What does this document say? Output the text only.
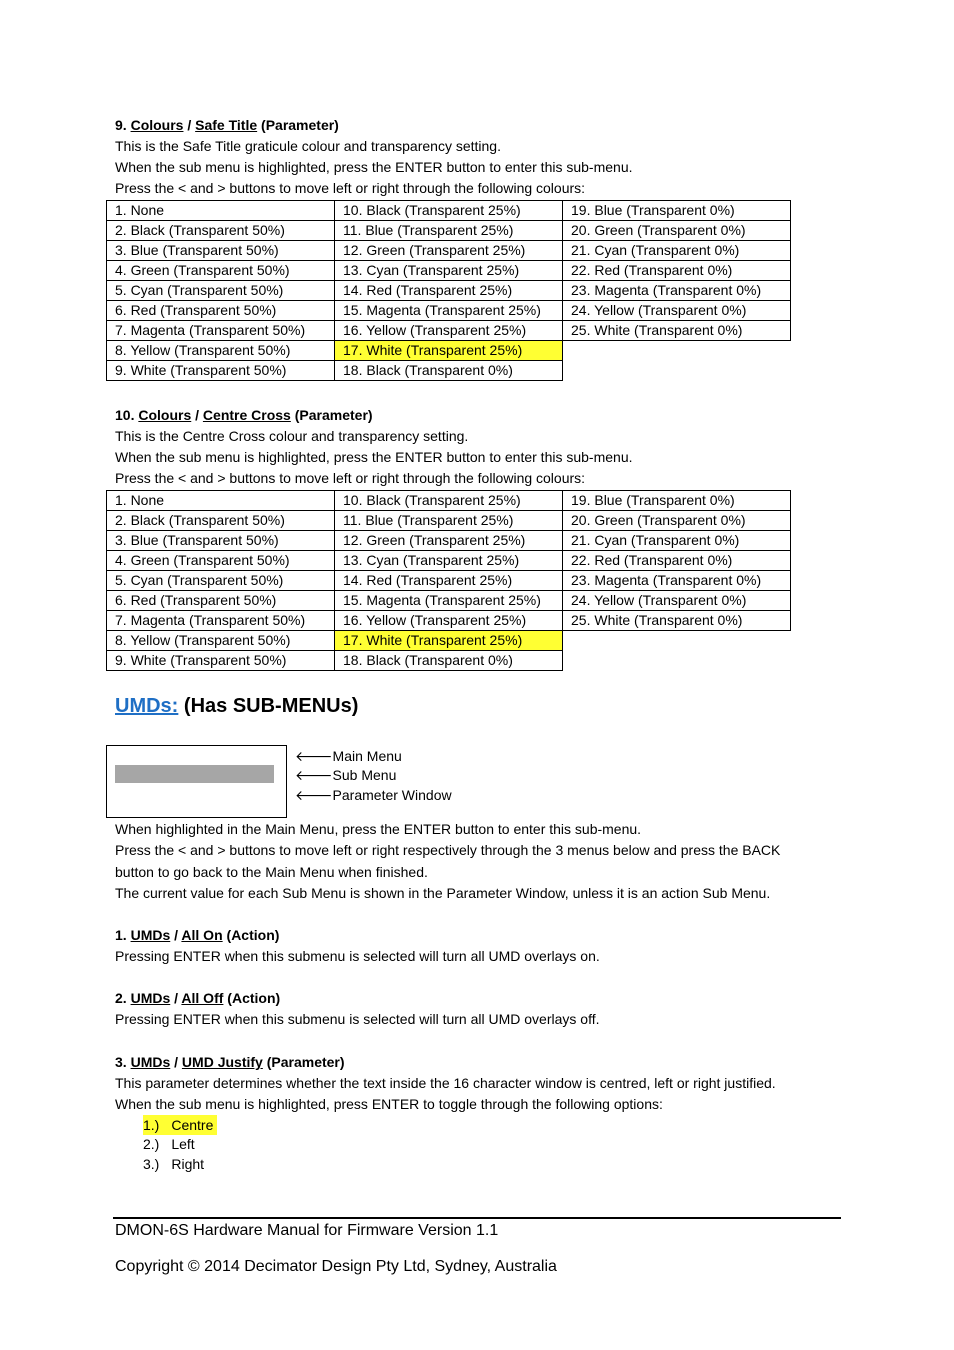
9. Colours / Safe Title (Parameter)
This is the Safe Title graticule colour and transparency setting.
When the sub menu is highlighted, press the ENTER button to enter this sub-menu.
Press the < and > buttons to move left or right through the following colours:
1. None	10. Black (Transparent 25%)	19. Blue (Transparent 0%)
2. Black (Transparent 50%)	11. Blue (Transparent 25%)	20. Green (Transparent 0%)
3. Blue (Transparent 50%)	12. Green (Transparent 25%)	21. Cyan (Transparent 0%)
4. Green (Transparent 50%)	13. Cyan (Transparent 25%)	22. Red (Transparent 0%)
5. Cyan (Transparent 50%)	14. Red (Transparent 25%)	23. Magenta (Transparent 0%)
6. Red (Transparent 50%)	15. Magenta (Transparent 25%)	24. Yellow (Transparent 0%)
7. Magenta (Transparent 50%)	16. Yellow (Transparent 25%)	25. White (Transparent 0%)
8. Yellow (Transparent 50%)	17. White (Transparent 25%)	
9. White (Transparent 50%)	18. Black (Transparent 0%)	
10. Colours / Centre Cross (Parameter)
This is the Centre Cross colour and transparency setting.
When the sub menu is highlighted, press the ENTER button to enter this sub-menu.
Press the < and > buttons to move left or right through the following colours:
1. None	10. Black (Transparent 25%)	19. Blue (Transparent 0%)
2. Black (Transparent 50%)	11. Blue (Transparent 25%)	20. Green (Transparent 0%)
3. Blue (Transparent 50%)	12. Green (Transparent 25%)	21. Cyan (Transparent 0%)
4. Green (Transparent 50%)	13. Cyan (Transparent 25%)	22. Red (Transparent 0%)
5. Cyan (Transparent 50%)	14. Red (Transparent 25%)	23. Magenta (Transparent 0%)
6. Red (Transparent 50%)	15. Magenta (Transparent 25%)	24. Yellow (Transparent 0%)
7. Magenta (Transparent 50%)	16. Yellow (Transparent 25%)	25. White (Transparent 0%)
8. Yellow (Transparent 50%)	17. White (Transparent 25%)	
9. White (Transparent 50%)	18. Black (Transparent 0%)	
UMDs: (Has SUB-MENUs)
🡐Main Menu
🡐Sub Menu
🡐Parameter Window
When highlighted in the Main Menu, press the ENTER button to enter this sub-menu.
Press the < and > buttons to move left or right respectively through the 3 menus below and press the BACK
button to go back to the Main Menu when finished.
The current value for each Sub Menu is shown in the Parameter Window, unless it is an action Sub Menu.
1. UMDs / All On (Action)
Pressing ENTER when this submenu is selected will turn all UMD overlays on.
2. UMDs / All Off (Action)
Pressing ENTER when this submenu is selected will turn all UMD overlays off.
3. UMDs / UMD Justify (Parameter)
This parameter determines whether the text inside the 16 character window is centred, left or right justified.
When the sub menu is highlighted, press ENTER to toggle through the following options:
1.) Centre
2.) Left
3.) Right
DMON-6S Hardware Manual for Firmware Version 1.1
Copyright © 2014 Decimator Design Pty Ltd, Sydney, Australia
